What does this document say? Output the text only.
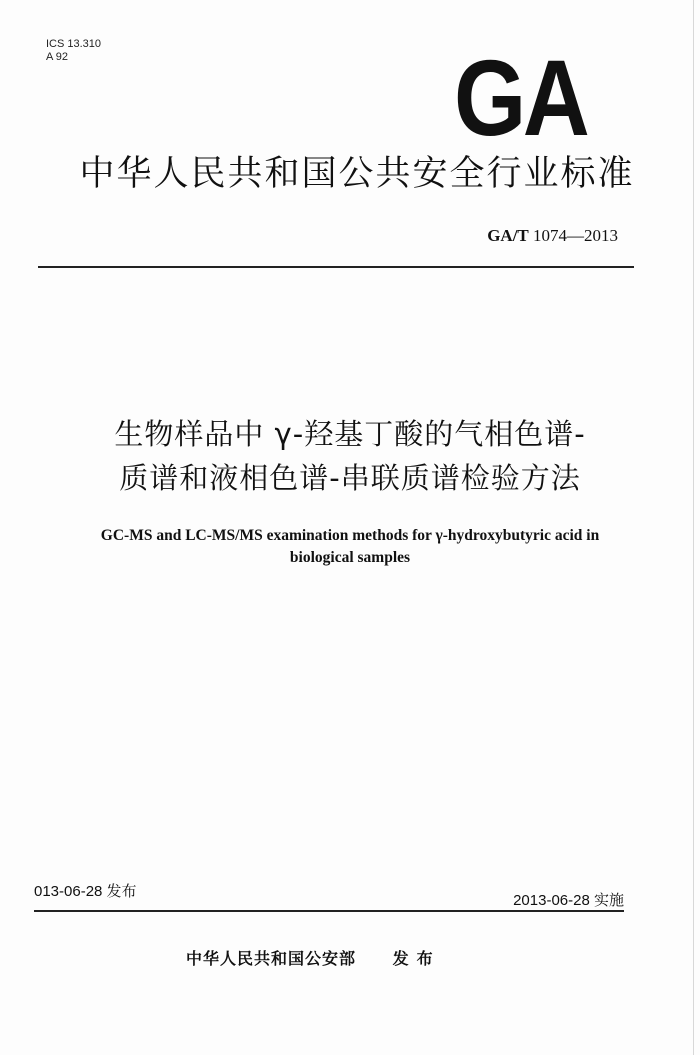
ICS 13.310
A 92	GA
中华人民共和国公共安全行业标准
GA/T 1074—2013
生物样品中 γ-羟基丁酸的气相色谱-
质谱和液相色谱-串联质谱检验方法
GC-MS and LC-MS/MS examination methods for γ-hydroxybutyric acid in
biological samples
013-06-28 发布
2013-06-28 实施
中华人民共和国公安部 发布
